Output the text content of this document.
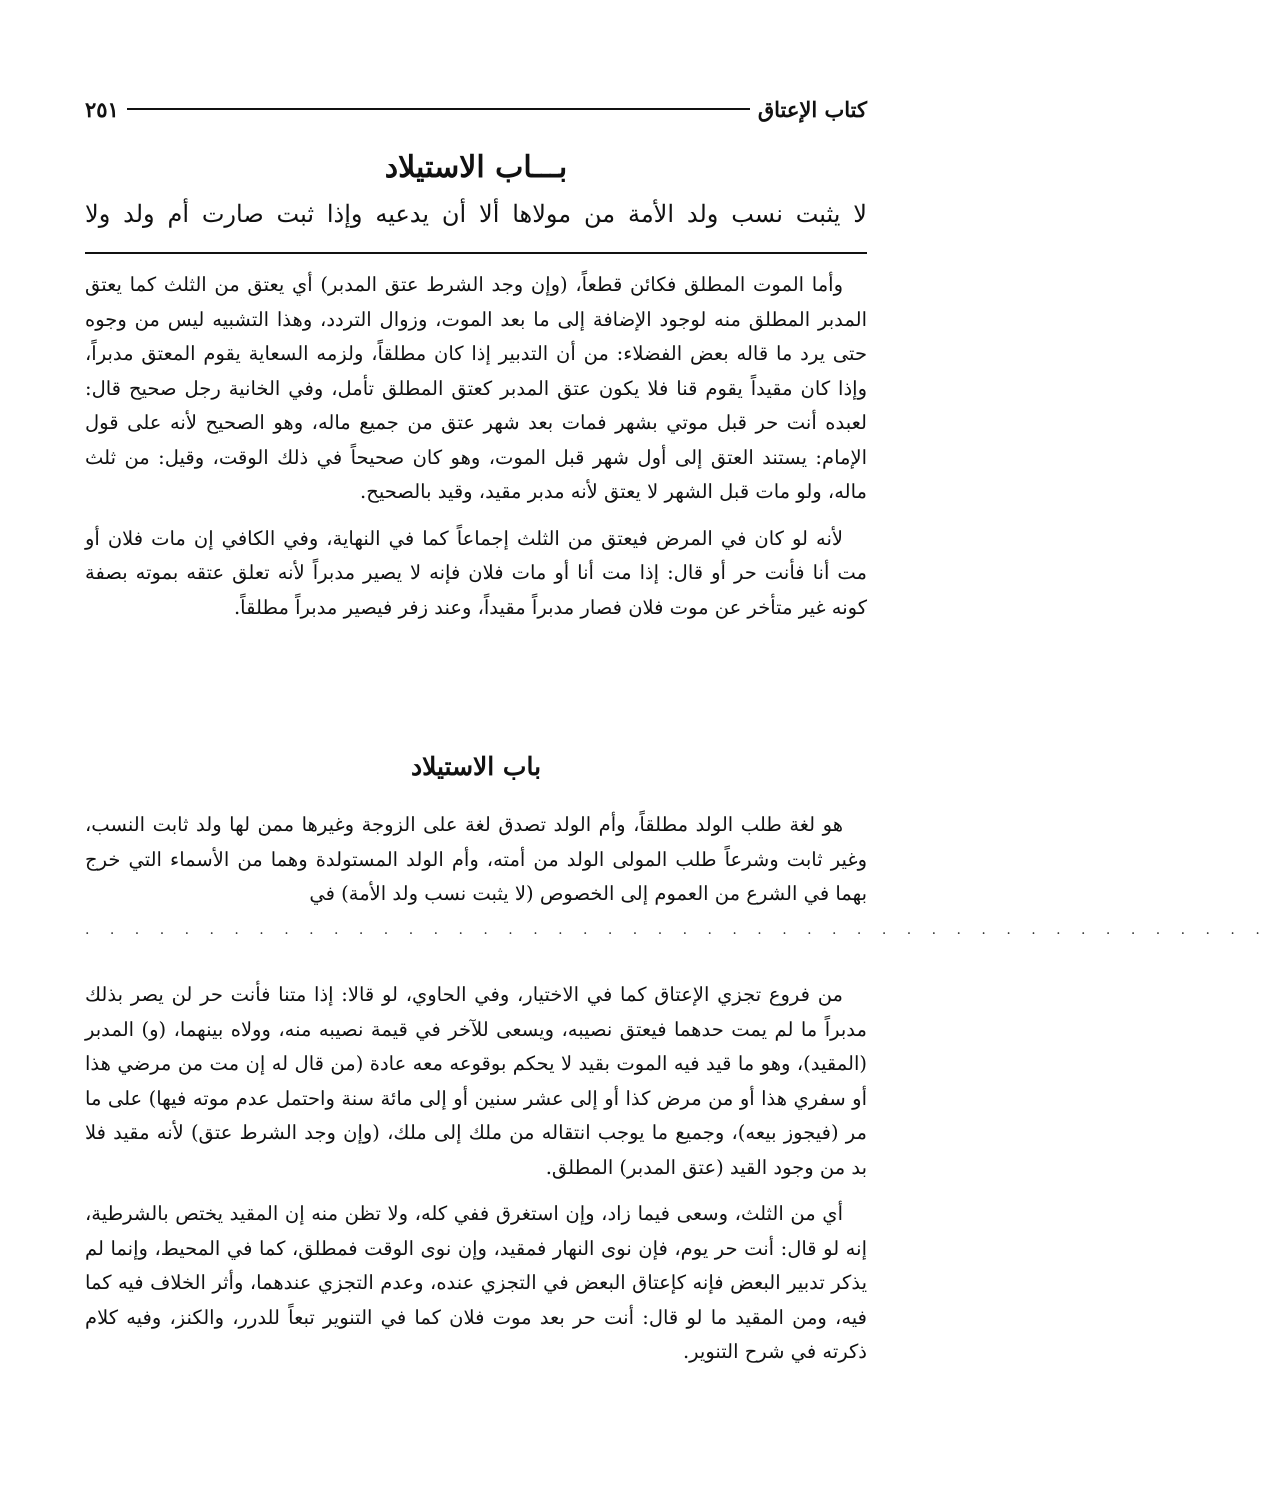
كتاب الإعتاق
٢٥١
بـــاب الاستيلاد
لا يثبت نسب ولد الأمة من مولاها ألا أن يدعيه وإذا ثبت صارت أم ولد ولا

وأما الموت المطلق فكائن قطعاً، (وإن وجد الشرط عتق المدبر) أي يعتق من الثلث كما يعتق المدبر المطلق منه لوجود الإضافة إلى ما بعد الموت، وزوال التردد، وهذا التشبيه ليس من وجوه حتى يرد ما قاله بعض الفضلاء: من أن التدبير إذا كان مطلقاً، ولزمه السعاية يقوم المعتق مدبراً، وإذا كان مقيداً يقوم قنا فلا يكون عتق المدبر كعتق المطلق تأمل، وفي الخانية رجل صحيح قال: لعبده أنت حر قبل موتي بشهر فمات بعد شهر عتق من جميع ماله، وهو الصحيح لأنه على قول الإمام: يستند العتق إلى أول شهر قبل الموت، وهو كان صحيحاً في ذلك الوقت، وقيل: من ثلث ماله، ولو مات قبل الشهر لا يعتق لأنه مدبر مقيد، وقيد بالصحيح.

لأنه لو كان في المرض فيعتق من الثلث إجماعاً كما في النهاية، وفي الكافي إن مات فلان أو مت أنا فأنت حر أو قال: إذا مت أنا أو مات فلان فإنه لا يصير مدبراً لأنه تعلق عتقه بموته بصفة كونه غير متأخر عن موت فلان فصار مدبراً مقيداً، وعند زفر فيصير مدبراً مطلقاً.

باب الاستيلاد

هو لغة طلب الولد مطلقاً، وأم الولد تصدق لغة على الزوجة وغيرها ممن لها ولد ثابت النسب، وغير ثابت وشرعاً طلب المولى الولد من أمته، وأم الولد المستولدة وهما من الأسماء التي خرج بهما في الشرع من العموم إلى الخصوص (لا يثبت نسب ولد الأمة) في

. . . . . . . . . . . . . . . . . . . . . . . . . . . . . . . . . . . . . . . . . . . . . . . .

من فروع تجزي الإعتاق كما في الاختيار، وفي الحاوي، لو قالا: إذا متنا فأنت حر لن يصر بذلك مدبراً ما لم يمت حدهما فيعتق نصيبه، ويسعى للآخر في قيمة نصيبه منه، وولاه بينهما، (و) المدبر (المقيد)، وهو ما قيد فيه الموت بقيد لا يحكم بوقوعه معه عادة (من قال له إن مت من مرضي هذا أو سفري هذا أو من مرض كذا أو إلى عشر سنين أو إلى مائة سنة واحتمل عدم موته فيها) على ما مر (فيجوز بيعه)، وجميع ما يوجب انتقاله من ملك إلى ملك، (وإن وجد الشرط عتق) لأنه مقيد فلا بد من وجود القيد (عتق المدبر) المطلق.

أي من الثلث، وسعى فيما زاد، وإن استغرق ففي كله، ولا تظن منه إن المقيد يختص بالشرطية، إنه لو قال: أنت حر يوم، فإن نوى النهار فمقيد، وإن نوى الوقت فمطلق، كما في المحيط، وإنما لم يذكر تدبير البعض فإنه كإعتاق البعض في التجزي عنده، وعدم التجزي عندهما، وأثر الخلاف فيه كما فيه، ومن المقيد ما لو قال: أنت حر بعد موت فلان كما في التنوير تبعاً للدرر، والكنز، وفيه كلام ذكرته في شرح التنوير.
